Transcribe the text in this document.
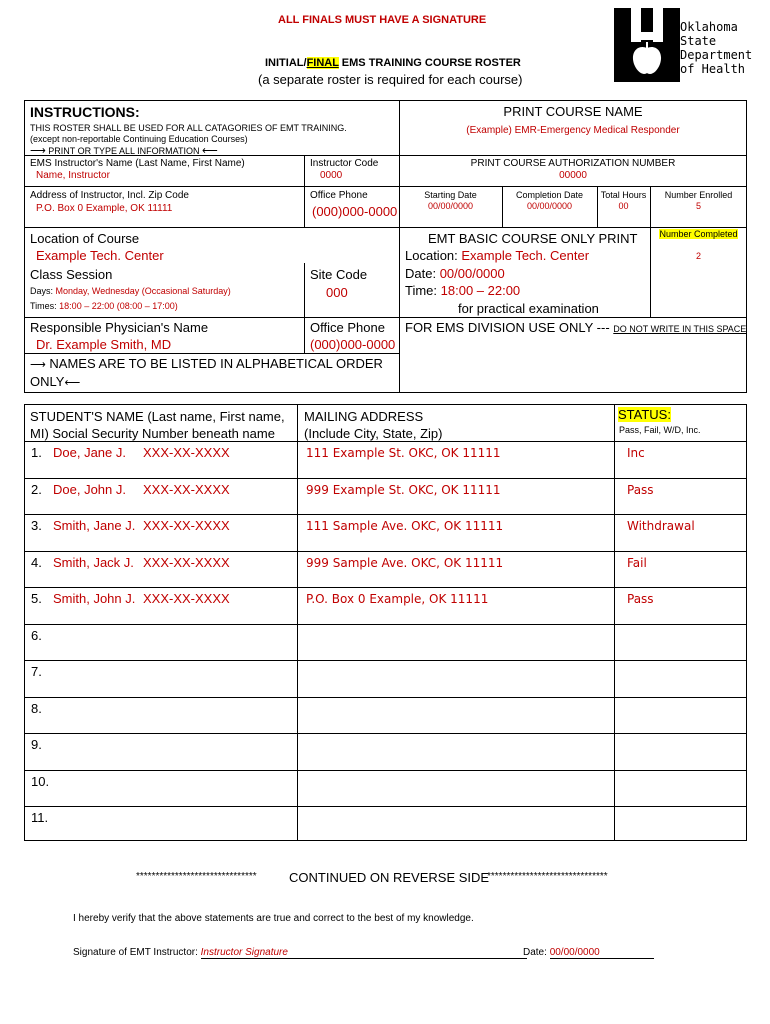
ALL FINALS MUST HAVE A SIGNATURE
INITIAL/FINAL EMS TRAINING COURSE ROSTER
(a separate roster is required for each course)
Oklahoma
State
Department
of Health
INSTRUCTIONS:
THIS ROSTER SHALL BE USED FOR ALL CATAGORIES OF EMT TRAINING.
(except non-reportable Continuing Education Courses)
⟶ PRINT OR TYPE ALL INFORMATION ⟵
PRINT COURSE NAME
(Example) EMR-Emergency Medical Responder
PRINT COURSE AUTHORIZATION NUMBER
00000
EMS Instructor's Name (Last Name, First Name)
Name, Instructor
Instructor Code
0000
Address of Instructor, Incl. Zip Code
P.O. Box 0 Example, OK 11111
Office Phone
(000)000-0000
Starting Date
00/00/0000
Completion Date
00/00/0000
Total Hours
00
Number Enrolled
5
Number Completed
2
Location of Course
Example Tech. Center
Class Session
Days: Monday, Wednesday (Occasional Saturday)
Times: 18:00 – 22:00 (08:00 – 17:00)
Site Code
000
EMT BASIC COURSE ONLY PRINT
Location: Example Tech. Center
Date: 00/00/0000
Time: 18:00 – 22:00
for practical examination
Responsible Physician's Name
Dr. Example Smith, MD
Office Phone
(000)000-0000
FOR EMS DIVISION USE ONLY --- DO NOT WRITE IN THIS SPACE
⟶ NAMES ARE TO BE LISTED IN ALPHABETICAL ORDER
ONLY⟵
STUDENT'S NAME (Last name, First name,
MI) Social Security Number beneath name
MAILING ADDRESS
(Include City, State, Zip)
STATUS:
Pass, Fail, W/D, Inc.
1. Doe, Jane J. XXX-XX-XXXX	111 Example St. OKC, OK 11111	Inc
2. Doe, John J. XXX-XX-XXXX	999 Example St. OKC, OK 11111	Pass
3. Smith, Jane J. XXX-XX-XXXX	111 Sample Ave. OKC, OK 11111	Withdrawal
4. Smith, Jack J. XXX-XX-XXXX	999 Sample Ave. OKC, OK 11111	Fail
5. Smith, John J. XXX-XX-XXXX	P.O. Box 0 Example, OK 11111	Pass
6.
7.
8.
9.
10.
11.
******************************* CONTINUED ON REVERSE SIDE
*******************************
I hereby verify that the above statements are true and correct to the best of my knowledge.
Signature of EMT Instructor: Instructor Signature	Date: 00/00/0000
